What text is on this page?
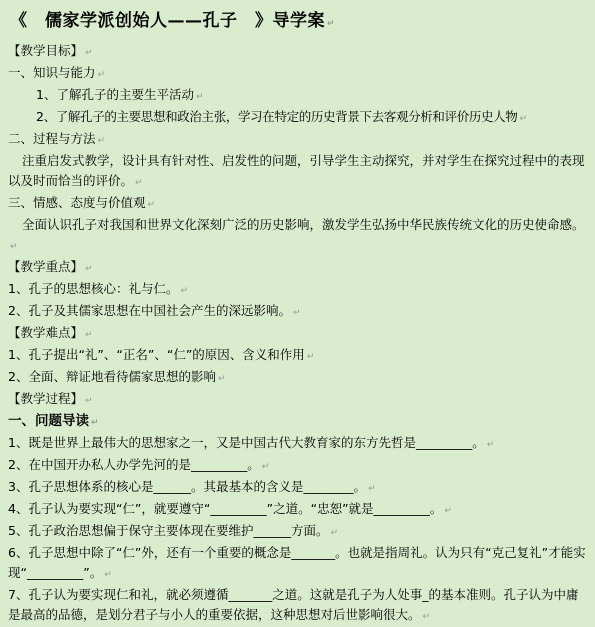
《　儒家学派创始人——孔子　》导学案 ↵
【教学目标】 ↵
一、知识与能力 ↵
1、了解孔子的主要生平活动 ↵
2、了解孔子的主要思想和政治主张，学习在特定的历史背景下去客观分析和评价历史人物 ↵
二、过程与方法 ↵
注重启发式教学，设计具有针对性、启发性的问题，引导学生主动探究，并对学生在探究过程中的表现以及时而恰当的评价。 ↵
三、情感、态度与价值观 ↵
全面认识孔子对我国和世界文化深刻广泛的历史影响，激发学生弘扬中华民族传统文化的历史使命感。↵
【教学重点】 ↵
1、孔子的思想核心：礼与仁。 ↵
2、孔子及其儒家思想在中国社会产生的深远影响。 ↵
【教学难点】 ↵
1、孔子提出“礼”、“正名”、“仁”的原因、含义和作用 ↵
2、全面、辩证地看待儒家思想的影响 ↵
【教学过程】 ↵
一、问题导读 ↵
1、既是世界上最伟大的思想家之一，又是中国古代大教育家的东方先哲是_________。 ↵
2、在中国开办私人办学先河的是_________。 ↵
3、孔子思想体系的核心是______。其最基本的含义是________。 ↵
4、孔子认为要实现“仁”，就要遵守“_________”之道。“忠恕”就是_________。 ↵
5、孔子政治思想偏于保守主要体现在要维护______方面。 ↵
6、孔子思想中除了“仁”外，还有一个重要的概念是_______。也就是指周礼。认为只有“克己复礼”才能实现“_________”。 ↵
7、孔子认为要实现仁和礼，就必须遵循_______之道。这就是孔子为人处事_的基本准则。孔子认为中庸是最高的品德，是划分君子与小人的重要依据，这种思想对后世影响很大。 ↵
